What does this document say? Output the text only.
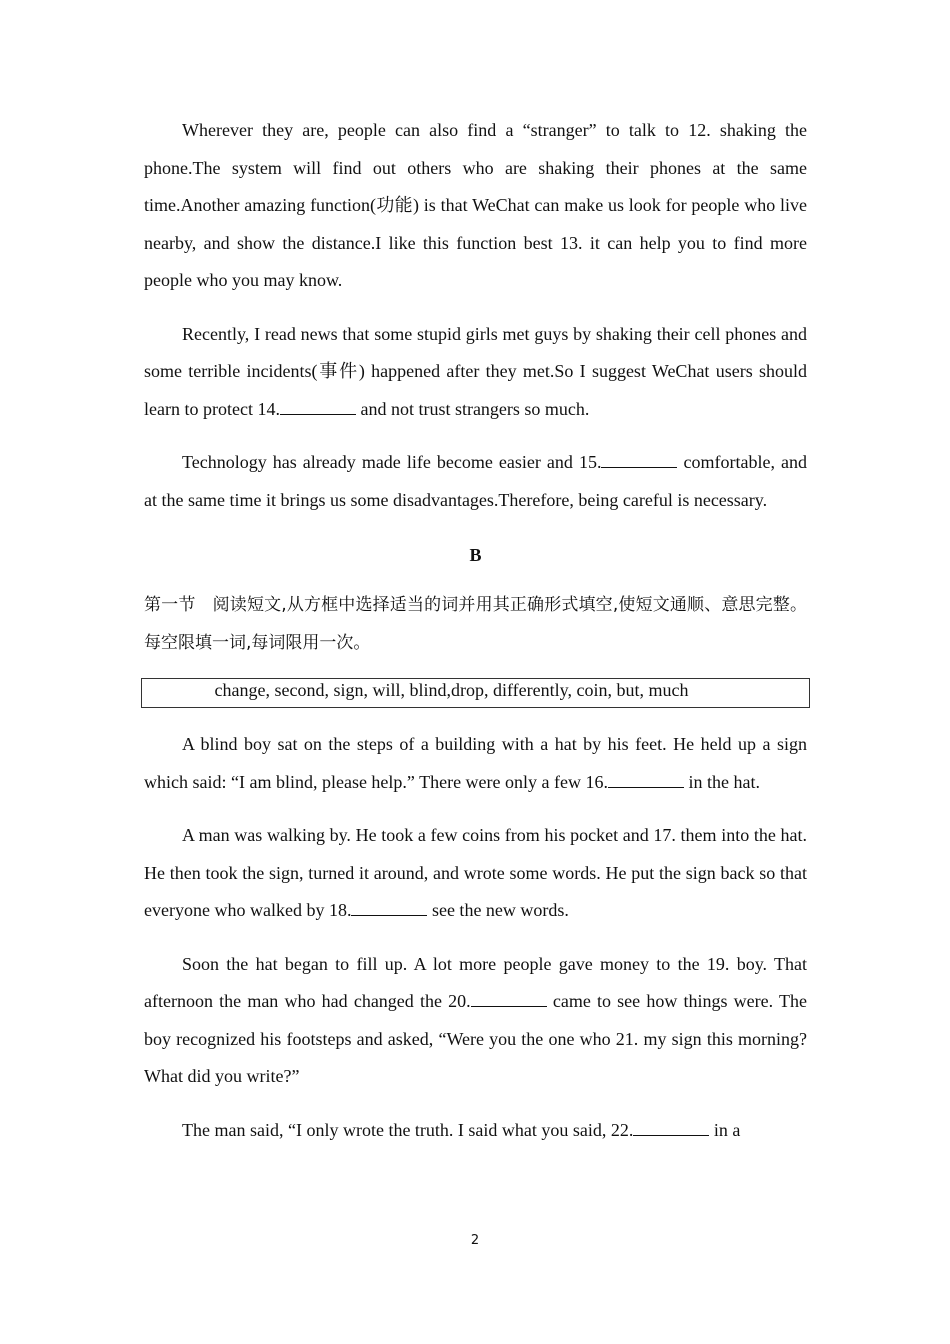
Wherever they are, people can also find a “stranger” to talk to 12. shaking the phone.The system will find out others who are shaking their phones at the same time.Another amazing function(功能) is that WeChat can make us look for people who live nearby, and show the distance.I like this function best 13. it can help you to find more people who you may know.

Recently, I read news that some stupid girls met guys by shaking their cell phones and some terrible incidents(事件) happened after they met.So I suggest WeChat users should learn to protect 14.	and not trust strangers so much.

Technology has already made life become easier and 15.	comfortable, and at the same time it brings us some disadvantages.Therefore, being careful is necessary.

B

第一节　阅读短文,从方框中选择适当的词并用其正确形式填空,使短文通顺、意思完整。每空限填一词,每词限用一次。

change, second, sign, will, blind,drop, differently, coin, but, much

A blind boy sat on the steps of a building with a hat by his feet. He held up a sign which said: “I am blind, please help.” There were only a few 16.	in the hat.

A man was walking by. He took a few coins from his pocket and 17. them into the hat. He then took the sign, turned it around, and wrote some words. He put the sign back so that everyone who walked by 18.	see the new words.

Soon the hat began to fill up. A lot more people gave money to the 19. boy. That afternoon the man who had changed the 20.	came to see how things were. The boy recognized his footsteps and asked, “Were you the one who 21. my sign this morning? What did you write?”

The man said, “I only wrote the truth. I said what you said, 22.	in a

2
